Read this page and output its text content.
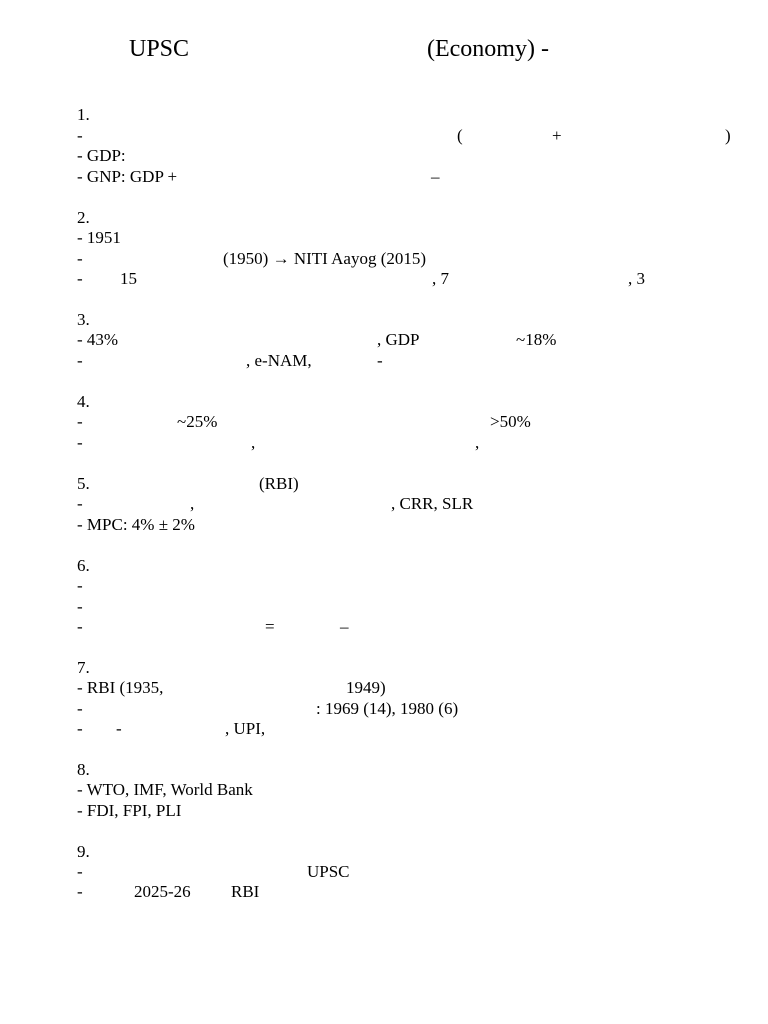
UPSC	(Economy) -
1.
-	(	+	)
- GDP:
- GNP: GDP +	–
2.
- 1951
-	(1950) → NITI Aayog (2015)
- 15	, 7	, 3
3.
- 43%	, GDP	~18%
-	, e-NAM,	-
4.
-	~25%	>50%
-	,	,
5.	(RBI)
-	,	, CRR, SLR
- MPC: 4% ± 2%
6.
-
-
-	=	–
7.
- RBI (1935,	1949)
-	: 1969 (14), 1980 (6)
- -	, UPI,
8.
- WTO, IMF, World Bank
- FDI, FPI, PLI
9.
-	UPSC
-	2025-26 RBI
